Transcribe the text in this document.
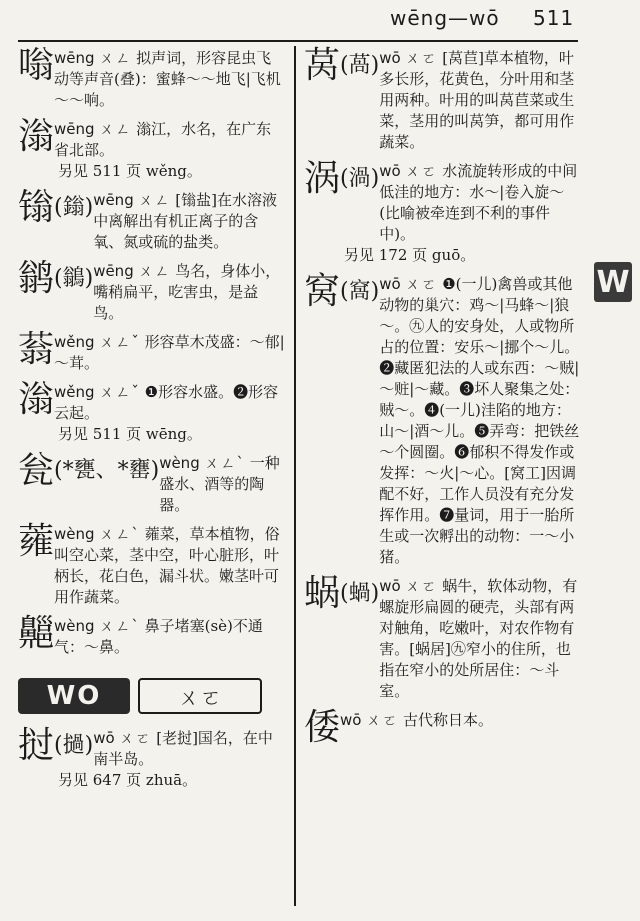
wēng—wō 511
W
嗡 wēng ㄨㄥ 拟声词，形容昆虫飞动等声音(叠)：蜜蜂～～地飞|飞机～～响。
滃 wēng ㄨㄥ 滃江，水名，在广东省北部。
另见 511 页 wěng。
𬭩 (鎓) wēng ㄨㄥ [𬭩盐]在水溶液中离解出有机正离子的含氧、氮或硫的盐类。
鹟 (鶲) wēng ㄨㄥ 鸟名，身体小，嘴稍扁平，吃害虫，是益鸟。
蓊 wěng ㄨㄥˇ 形容草木茂盛：～郁|～茸。
滃 wěng ㄨㄥˇ ❶形容水盛。❷形容云起。
另见 511 页 wēng。
瓮 (*甕、*罋) wèng ㄨㄥˋ 一种盛水、酒等的陶器。
蕹 wèng ㄨㄥˋ 蕹菜，草本植物，俗叫空心菜，茎中空，叶心脏形，叶柄长，花白色，漏斗状。嫩茎叶可用作蔬菜。
齆 wèng ㄨㄥˋ 鼻子堵塞(sè)不通气：～鼻。
WO	ㄨㄛ
挝 (撾) wō ㄨㄛ [老挝]国名，在中南半岛。
另见 647 页 zhuā。
莴 (萵) wō ㄨㄛ [莴苣]草本植物，叶多长形，花黄色，分叶用和茎用两种。叶用的叫莴苣菜或生菜，茎用的叫莴笋，都可用作蔬菜。
涡 (渦) wō ㄨㄛ 水流旋转形成的中间低洼的地方：水～|卷入旋～(比喻被牵连到不利的事件中)。
另见 172 页 guō。
窝 (窩) wō ㄨㄛ ❶(一儿)禽兽或其他动物的巢穴：鸡～|马蜂～|狼～。㊈人的安身处，人或物所占的位置：安乐～|挪个～儿。❷藏匿犯法的人或东西：～贼|～赃|～藏。❸坏人聚集之处：贼～。❹(一儿)洼陷的地方：山～|酒～儿。❺弄弯：把铁丝～个圆圈。❻郁积不得发作或发挥：～火|～心。[窝工]因调配不好，工作人员没有充分发挥作用。❼量词，用于一胎所生或一次孵出的动物：一～小猪。
蜗 (蝸) wō ㄨㄛ 蜗牛，软体动物，有螺旋形扁圆的硬壳，头部有两对触角，吃嫩叶，对农作物有害。[蜗居]㊈窄小的住所，也指在窄小的处所居住：～斗室。
倭 wō ㄨㄛ 古代称日本。
